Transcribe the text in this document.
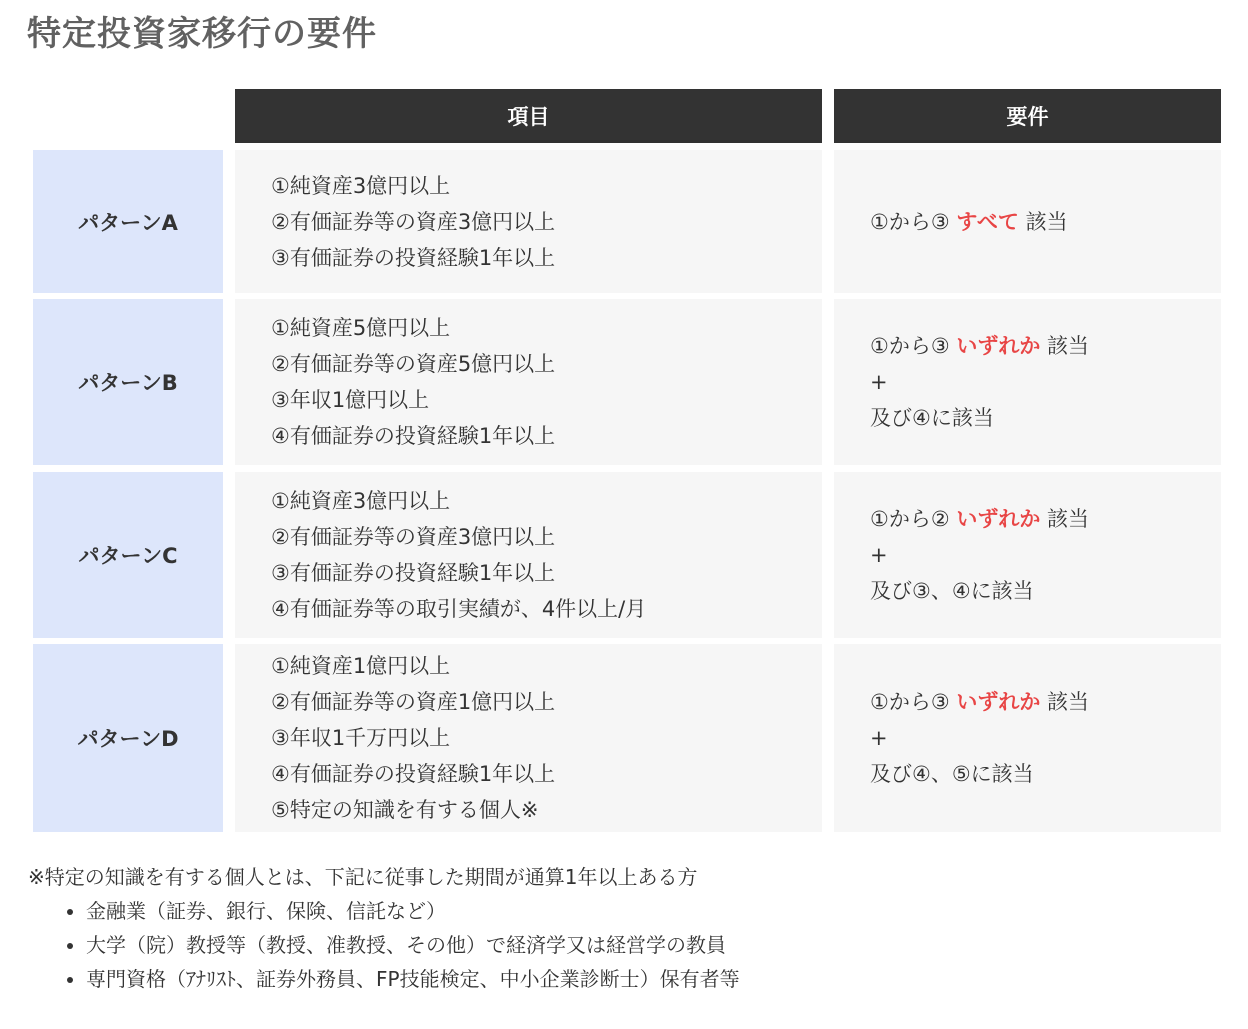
特定投資家移行の要件
項目	要件
パターンA
①純資産3億円以上
②有価証券等の資産3億円以上
③有価証券の投資経験1年以上
①から③ すべて 該当
パターンB
①純資産5億円以上
②有価証券等の資産5億円以上
③年収1億円以上
④有価証券の投資経験1年以上
①から③ いずれか 該当
+
及び④に該当
パターンC
①純資産3億円以上
②有価証券等の資産3億円以上
③有価証券の投資経験1年以上
④有価証券等の取引実績が、4件以上/月
①から② いずれか 該当
+
及び③、④に該当
パターンD
①純資産1億円以上
②有価証券等の資産1億円以上
③年収1千万円以上
④有価証券の投資経験1年以上
⑤特定の知識を有する個人※
①から③ いずれか 該当
+
及び④、⑤に該当
※特定の知識を有する個人とは、下記に従事した期間が通算1年以上ある方
• 金融業（証券、銀行、保険、信託など）
• 大学（院）教授等（教授、准教授、その他）で経済学又は経営学の教員
• 専門資格（ｱﾅﾘｽﾄ、証券外務員、FP技能検定、中小企業診断士）保有者等
